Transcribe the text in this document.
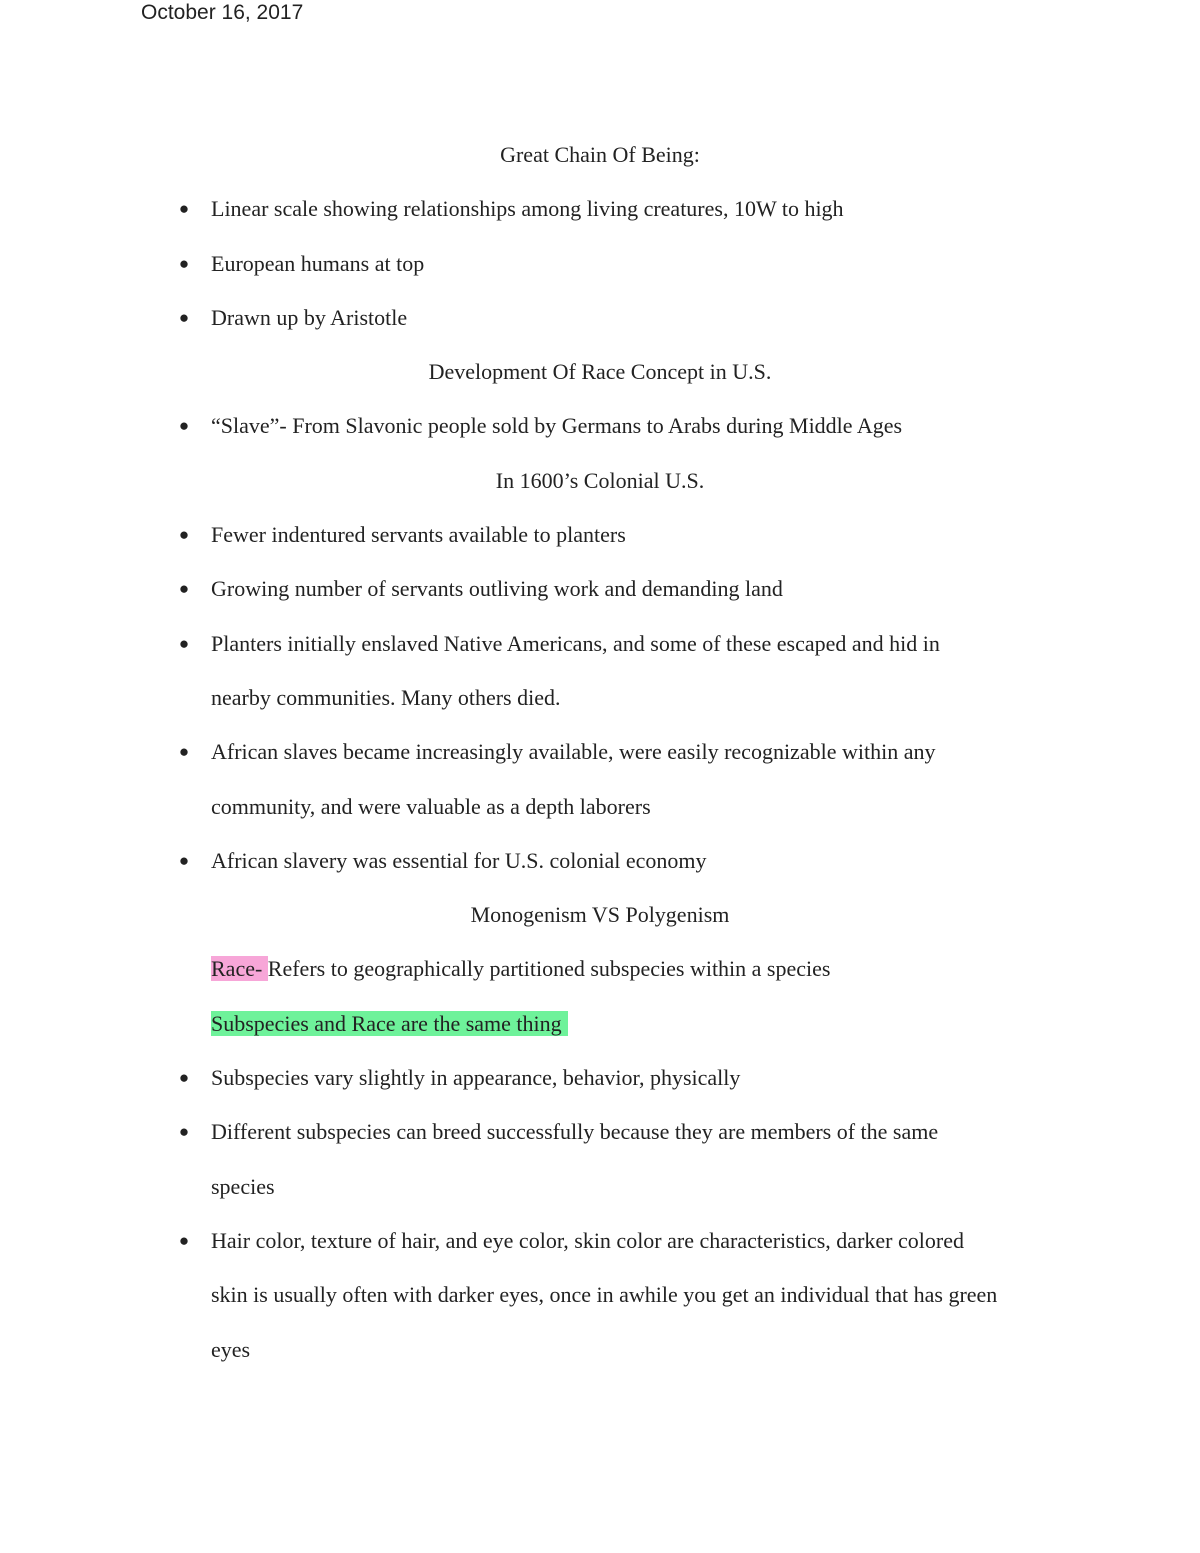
October 16, 2017
Great Chain Of Being:
● Linear scale showing relationships among living creatures, 10W to high
● European humans at top
● Drawn up by Aristotle
Development Of Race Concept in U.S.
● “Slave”- From Slavonic people sold by Germans to Arabs during Middle Ages
In 1600’s Colonial U.S.
● Fewer indentured servants available to planters
● Growing number of servants outliving work and demanding land
● Planters initially enslaved Native Americans, and some of these escaped and hid in
nearby communities. Many others died.
● African slaves became increasingly available, were easily recognizable within any
community, and were valuable as a depth laborers
● African slavery was essential for U.S. colonial economy
Monogenism VS Polygenism
Race- Refers to geographically partitioned subspecies within a species
Subspecies and Race are the same thing
● Subspecies vary slightly in appearance, behavior, physically
● Different subspecies can breed successfully because they are members of the same
species
● Hair color, texture of hair, and eye color, skin color are characteristics, darker colored
skin is usually often with darker eyes, once in awhile you get an individual that has green
eyes
